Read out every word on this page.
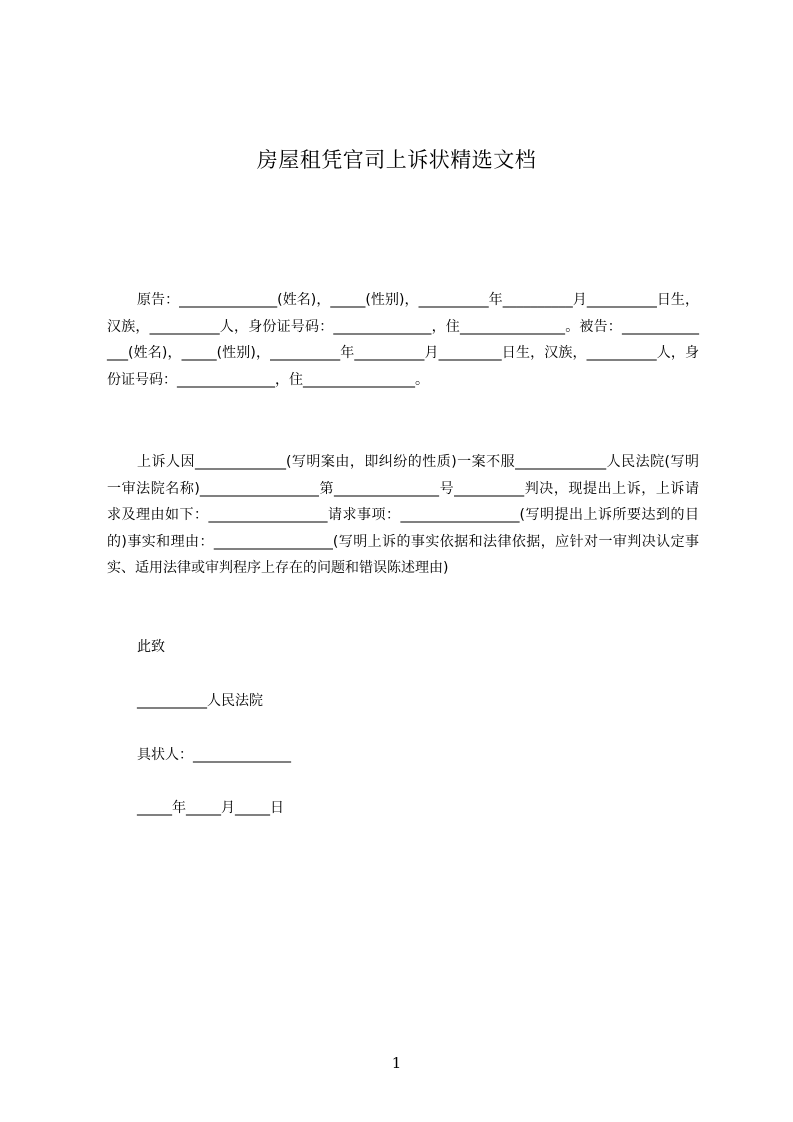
房屋租凭官司上诉状精选文档

原告：______________(姓名)，_____(性别)，__________年__________月__________日生，汉族，__________人，身份证号码：______________，住_______________。被告：______________(姓名)，_____(性别)，__________年__________月_________日生，汉族，__________人，身份证号码：______________，住________________。

上诉人因_____________(写明案由，即纠纷的性质)一案不服_____________人民法院(写明一审法院名称)_________________第_______________号__________判决，现提出上诉，上诉请求及理由如下：_________________请求事项：_________________(写明提出上诉所要达到的目的)事实和理由：_________________(写明上诉的事实依据和法律依据，应针对一审判决认定事实、适用法律或审判程序上存在的问题和错误陈述理由)

此致

__________人民法院

具状人：______________

_____年_____月_____日

1
